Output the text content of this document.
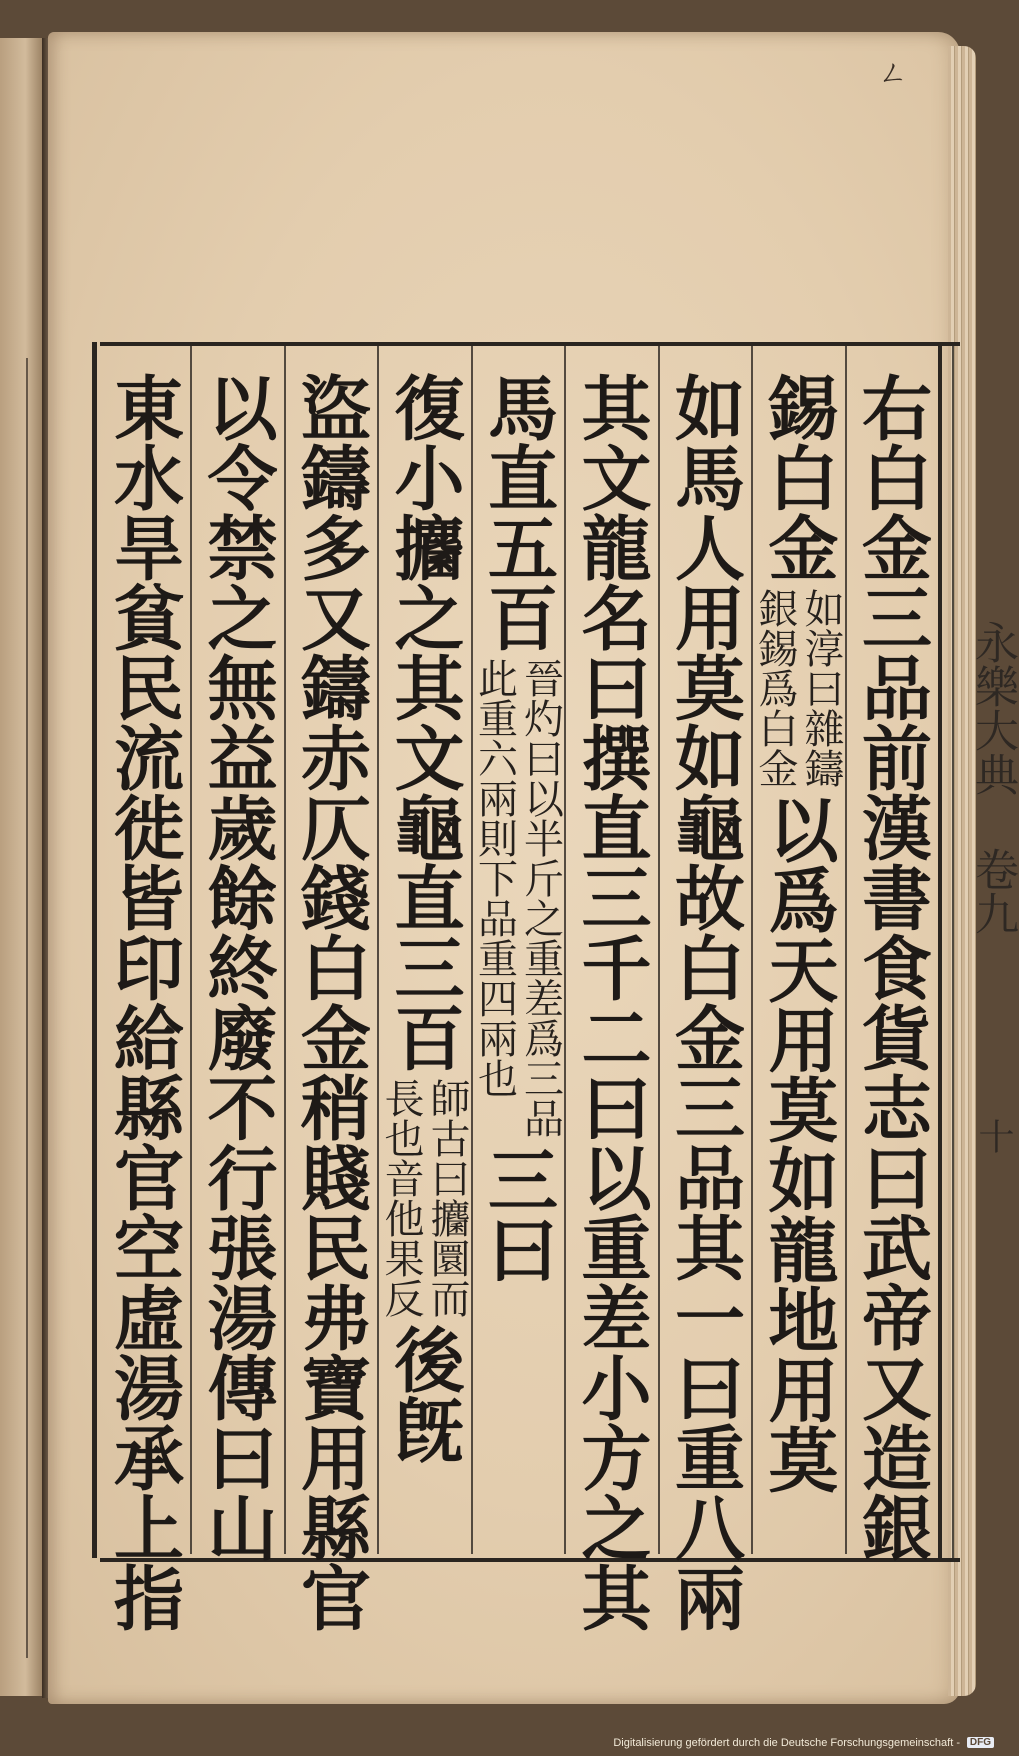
ㄥ
右白金三品
前漢書食貨志曰武帝又造銀
錫白金
如淳曰雜鑄
銀錫爲白金
以爲天用莫如龍地用莫
如馬人用莫如龜故白金三品其一曰重八兩
其文龍名曰撰直三千二曰以重差小方之其
馬直五百
晉灼曰以半斤之重差爲三品
此重六兩則下品重四兩也
三曰
復小攟之其文龜直三百
師古曰攟圜而
長也音他果反
後旣
盜鑄多又鑄赤仄錢白金稍賤民弗寶用縣官
以令禁之無益歲餘終廢不行
張湯傳曰山
東水旱貧民流徙皆印給縣官空虛湯承上指	永樂大典 卷九
十
Digitalisierung gefördert durch die Deutsche Forschungsgemeinschaft - DFG
